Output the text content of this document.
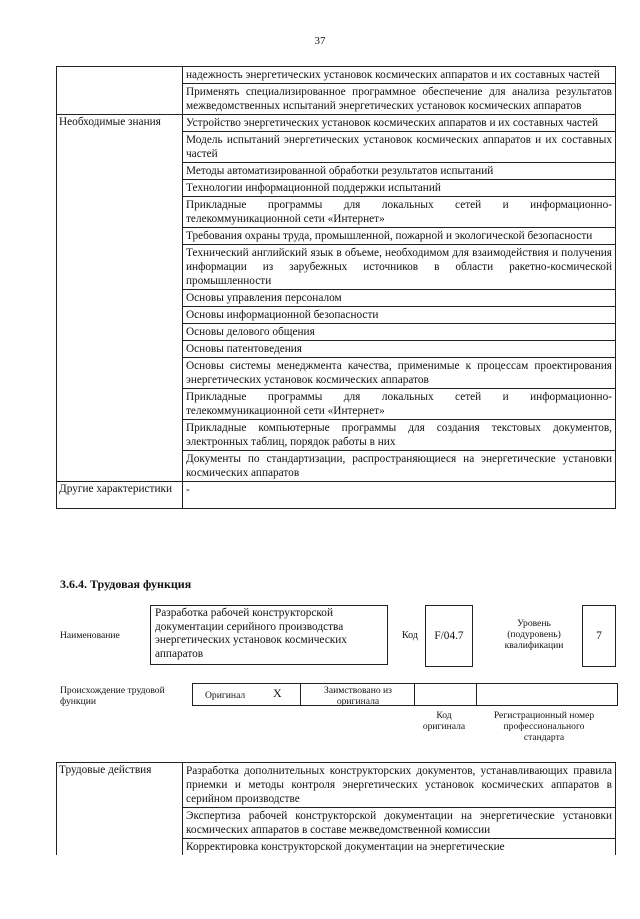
37
	надежность энергетических установок космических аппаратов и их составных частей
	Применять специализированное программное обеспечение для анализа результатов межведомственных испытаний энергетических установок космических аппаратов
Необходимые знания	Устройство энергетических установок космических аппаратов и их составных частей
	Модель испытаний энергетических установок космических аппаратов и их составных частей
	Методы автоматизированной обработки результатов испытаний
	Технологии информационной поддержки испытаний
	Прикладные программы для локальных сетей и информационно-телекоммуникационной сети «Интернет»
	Требования охраны труда, промышленной, пожарной и экологической безопасности
	Технический английский язык в объеме, необходимом для взаимодействия и получения информации из зарубежных источников в области ракетно-космической промышленности
	Основы управления персоналом
	Основы информационной безопасности
	Основы делового общения
	Основы патентоведения
	Основы системы менеджмента качества, применимые к процессам проектирования энергетических установок космических аппаратов
	Прикладные программы для локальных сетей и информационно-телекоммуникационной сети «Интернет»
	Прикладные компьютерные программы для создания текстовых документов, электронных таблиц, порядок работы в них
	Документы по стандартизации, распространяющиеся на энергетические установки космических аппаратов
Другие характеристики	-
3.6.4. Трудовая функция
Наименование
Разработка рабочей конструкторской документации серийного производства энергетических установок космических аппаратов
Код	F/04.7
Уровень (подуровень) квалификации
7
Происхождение трудовой функции
Оригинал X	Заимствовано из оригинала
Код оригинала
Регистрационный номер профессионального стандарта
Трудовые действия	Разработка дополнительных конструкторских документов, устанавливающих правила приемки и методы контроля энергетических установок космических аппаратов в серийном производстве
Экспертиза рабочей конструкторской документации на энергетические установки космических аппаратов в составе межведомственной комиссии
Корректировка конструкторской документации на энергетические
